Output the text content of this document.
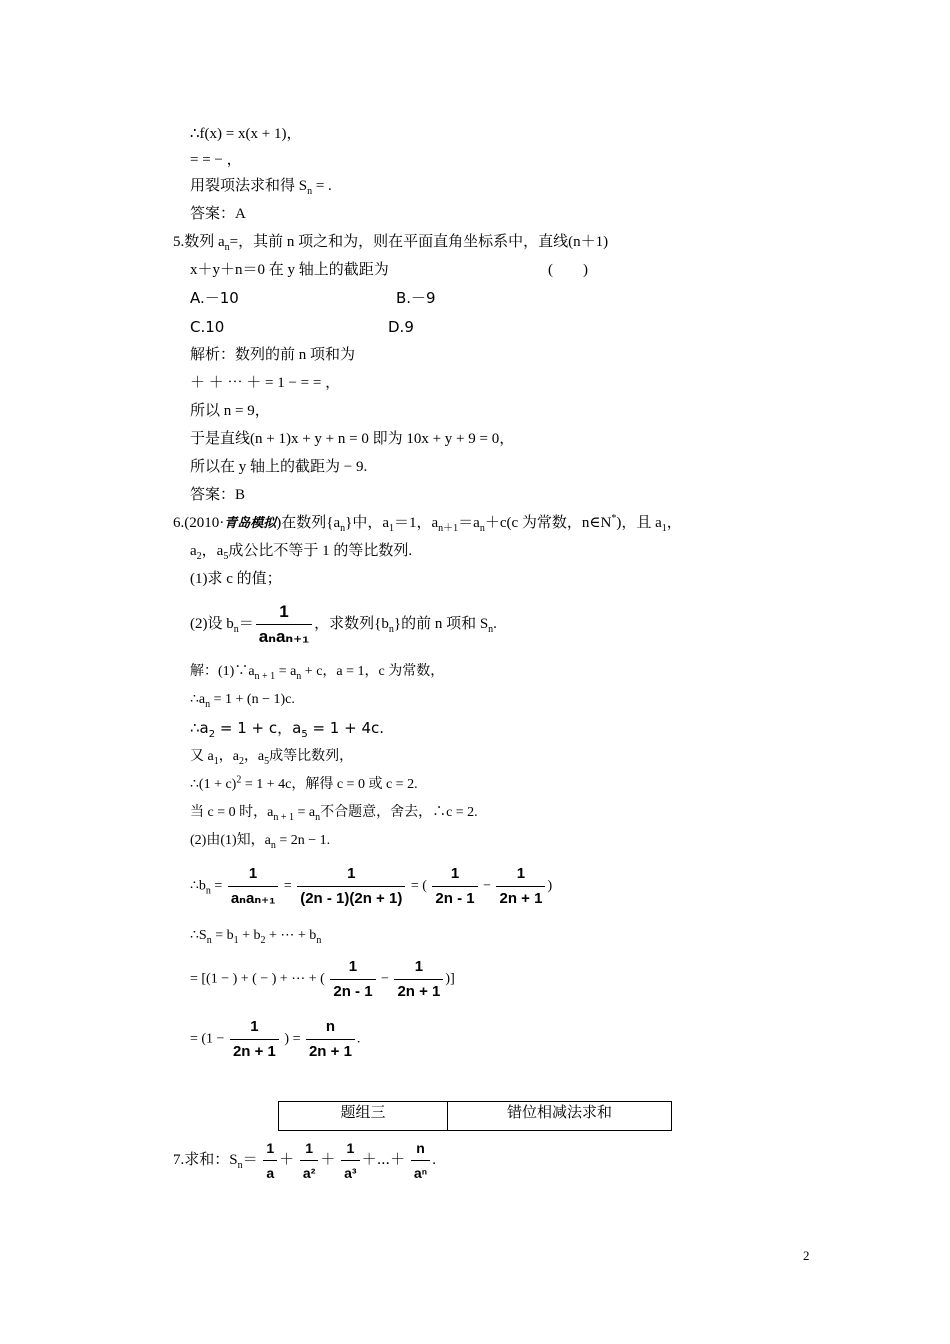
∴f(x) = x(x + 1)，
= = − ，
用裂项法求和得 $S_n$ = .
答案：A
5.数列 $a_n=$，其前 n 项之和为，则在平面直角坐标系中，直线(n＋1)
x＋y＋n＝0 在 y 轴上的截距为	(　　)
A.－10	B.－9
C.10	D.9
解析：数列的前 n 项和为
＋ ＋ ⋯ ＋ = 1 − = = ，
所以 n = 9，
于是直线(n + 1)x + y + n = 0 即为 10x + y + 9 = 0，
所以在 y 轴上的截距为 − 9.
答案：B
6.(2010·青岛模拟)在数列$\{a_n\}$中，$a_1=1$，$a_{n+1}=a_n+c(c$ 为常数，n∈N*)，且 $a_1$，
$a_2$，$a_5$成公比不等于 1 的等比数列.
(1)求 c 的值；
(2)设 $b_n= \frac{1}{\text{aₙaₙ₊₁}}$ ，求数列$\{b_n\}$的前 n 项和 $S_n$.
解：$(1)\because a_{n + 1} = a_n + c$，a = 1，c 为常数，
$\therefore a_n = 1 + (n - 1)c$.
$\therefore a_2 = 1 + c$，$a_5 = 1 + 4c$.
又 $a_1$，$a_2$，$a_5$成等比数列，
∴(1 + c)$^2$ = 1 + 4c，解得 c = 0 或 c = 2.
当 c = 0 时，$a_{n + 1} = a_n$不合题意，舍去，∴c = 2.
(2)由(1)知，$a_n = 2n - 1$.
$\therefore b_n = \frac{1}{\text{aₙaₙ₊₁}} = \frac{1}{(2n - 1)(2n + 1)}$ = ( $\frac{1}{2n - 1} - \frac{1}{2n + 1}$ )
$\therefore S_n = b_1 + b_2$ + ⋯ + $b_n$
= [(1 − ) + ( − ) + ⋯ + ( $\frac{1}{2n - 1} - \frac{1}{2n + 1}$ )]
= ($1 - \frac{1}{2n + 1}$ ) = $\frac{n}{2n + 1}$ .
题组三	错位相减法求和
7.求和：$S_n= \frac{1}{a} + \frac{1}{\text{a²}} + \frac{1}{\text{a³}}$ ＋⋯＋ $\frac{n}{\text{aⁿ}}$ .
2
